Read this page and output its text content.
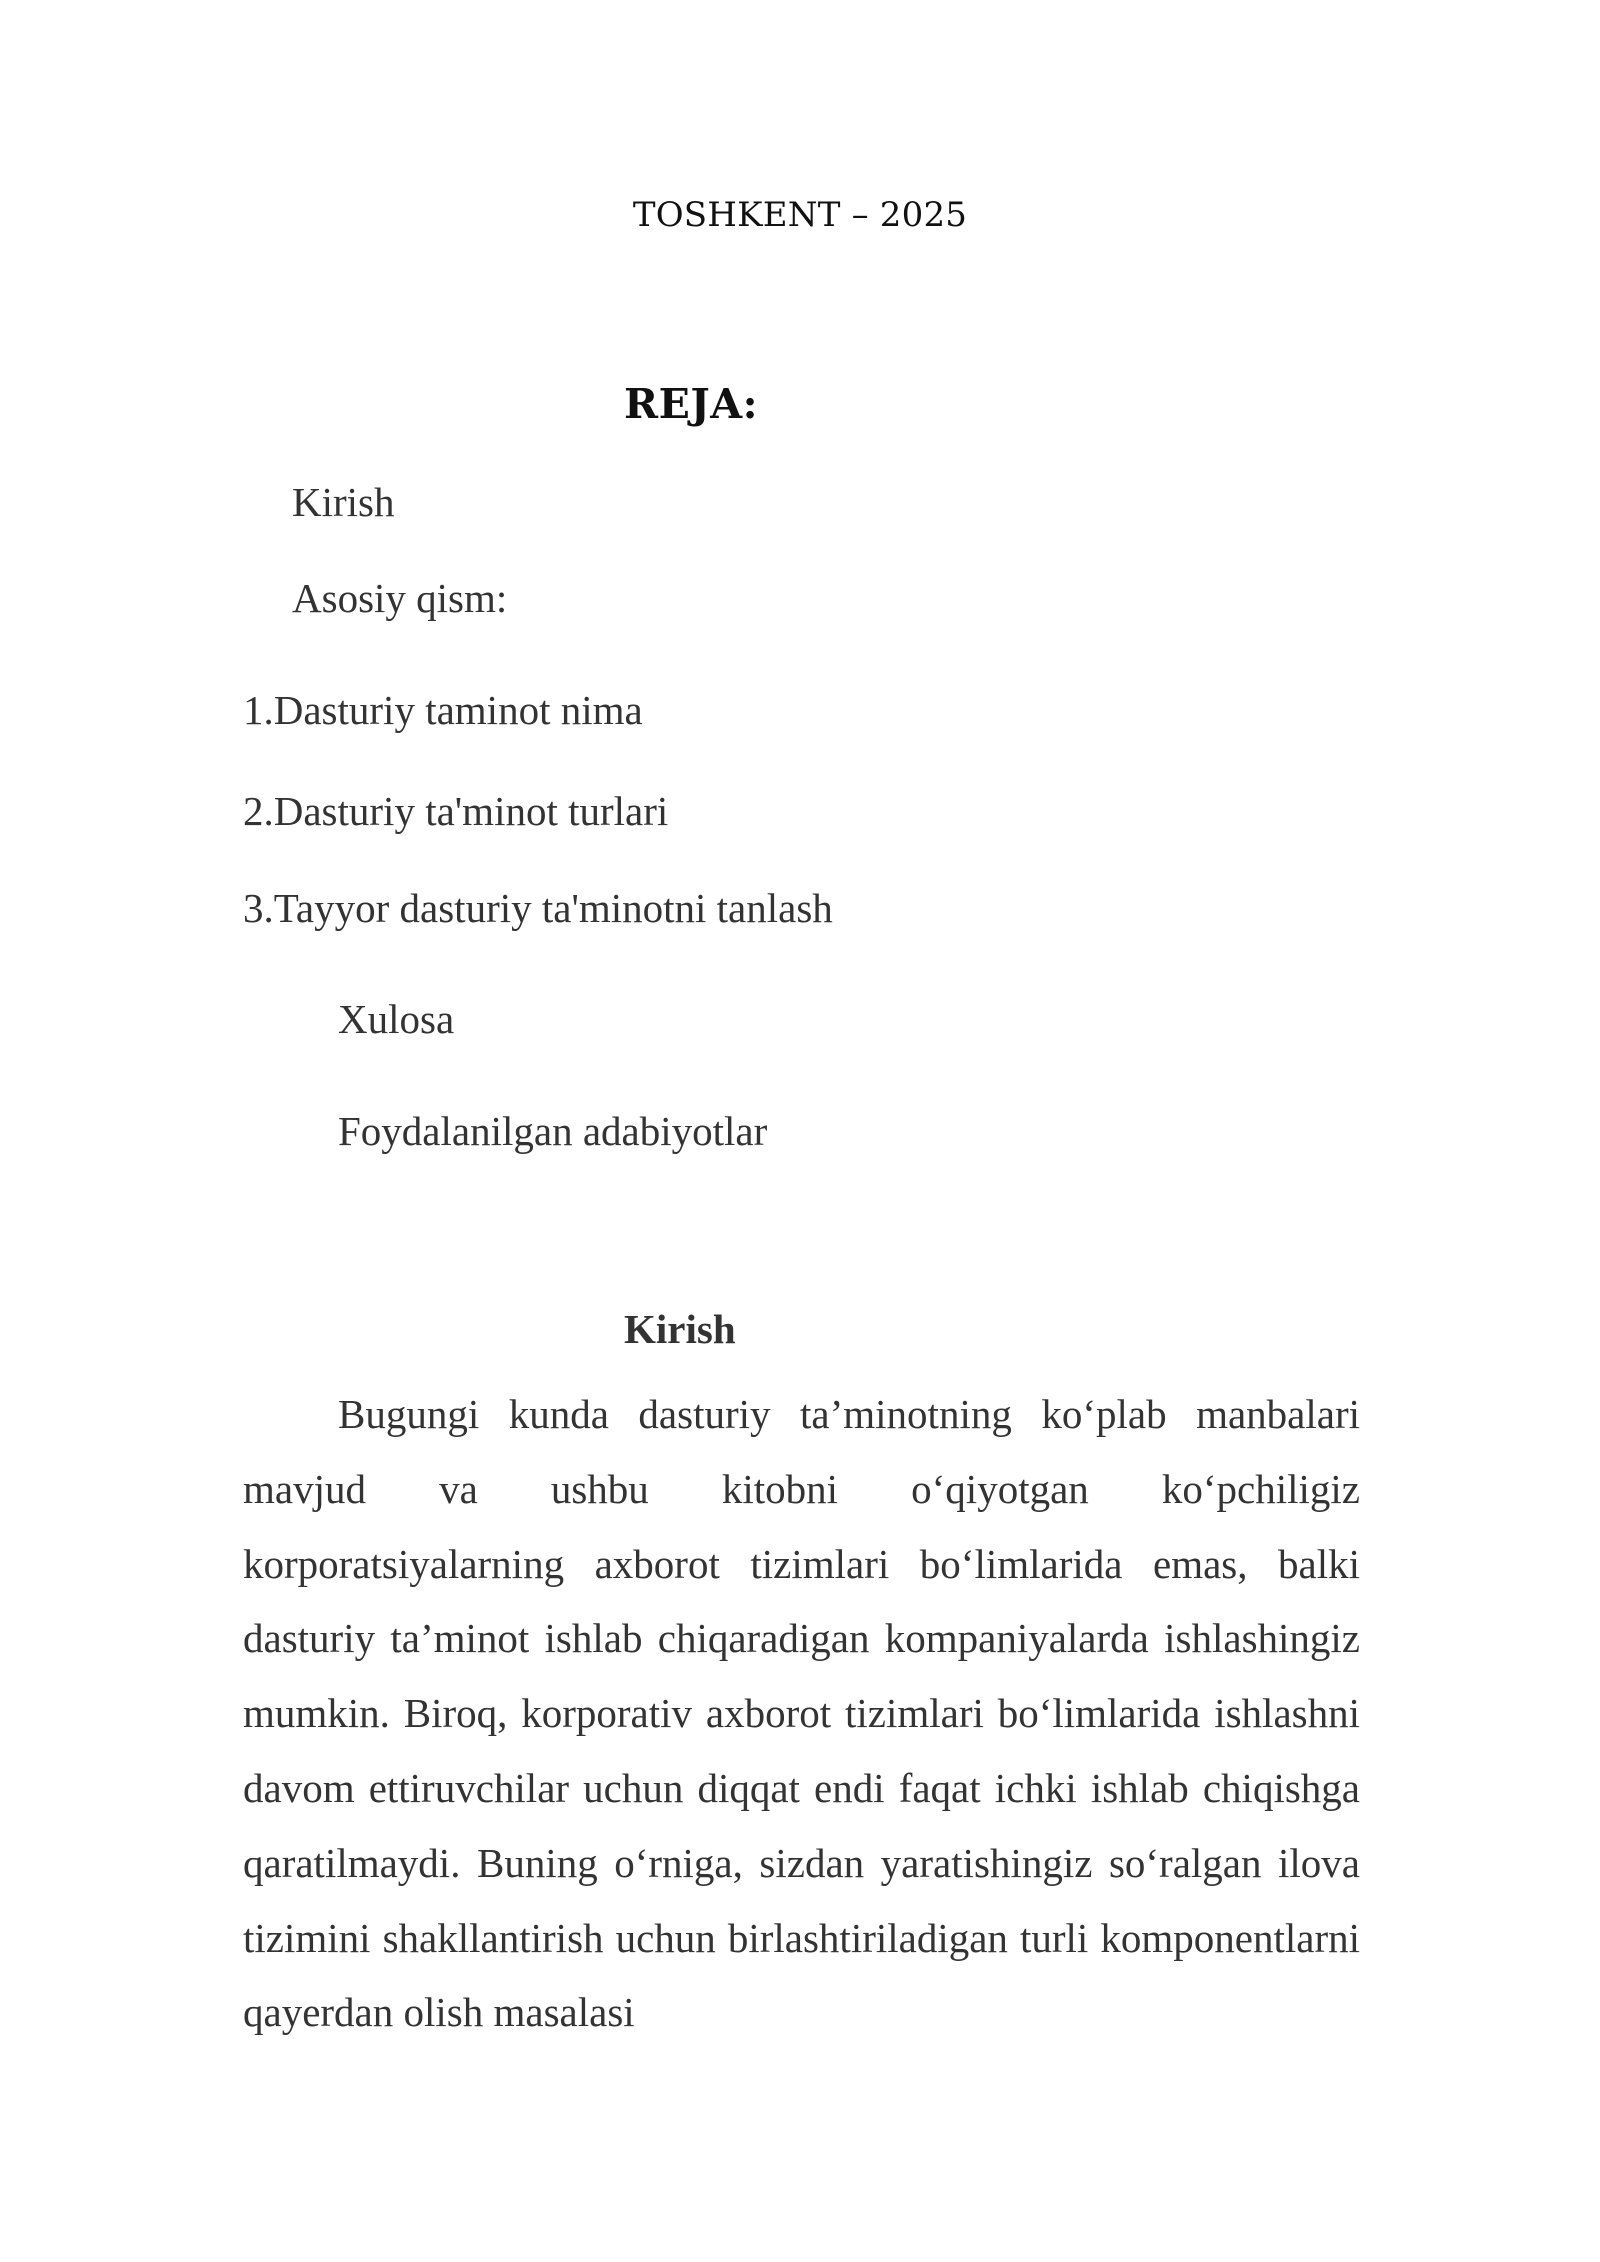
TOSHKENT – 2025
REJA:
Kirish
Asosiy qism:
1.Dasturiy taminot nima
2.Dasturiy ta'minot turlari
3.Tayyor dasturiy ta'minotni tanlash
Xulosa
Foydalanilgan adabiyotlar
Kirish

Bugungi kunda dasturiy ta’minotning ko‘plab manbalari mavjud va ushbu kitobni o‘qiyotgan ko‘pchiligiz korporatsiyalarning axborot tizimlari bo‘limlarida emas, balki dasturiy ta’minot ishlab chiqaradigan kompaniyalarda ishlashingiz mumkin. Biroq, korporativ axborot tizimlari bo‘limlarida ishlashni davom ettiruvchilar uchun diqqat endi faqat ichki ishlab chiqishga qaratilmaydi. Buning o‘rniga, sizdan yaratishingiz so‘ralgan ilova tizimini shakllantirish uchun birlashtiriladigan turli komponentlarni qayerdan olish masalasi
